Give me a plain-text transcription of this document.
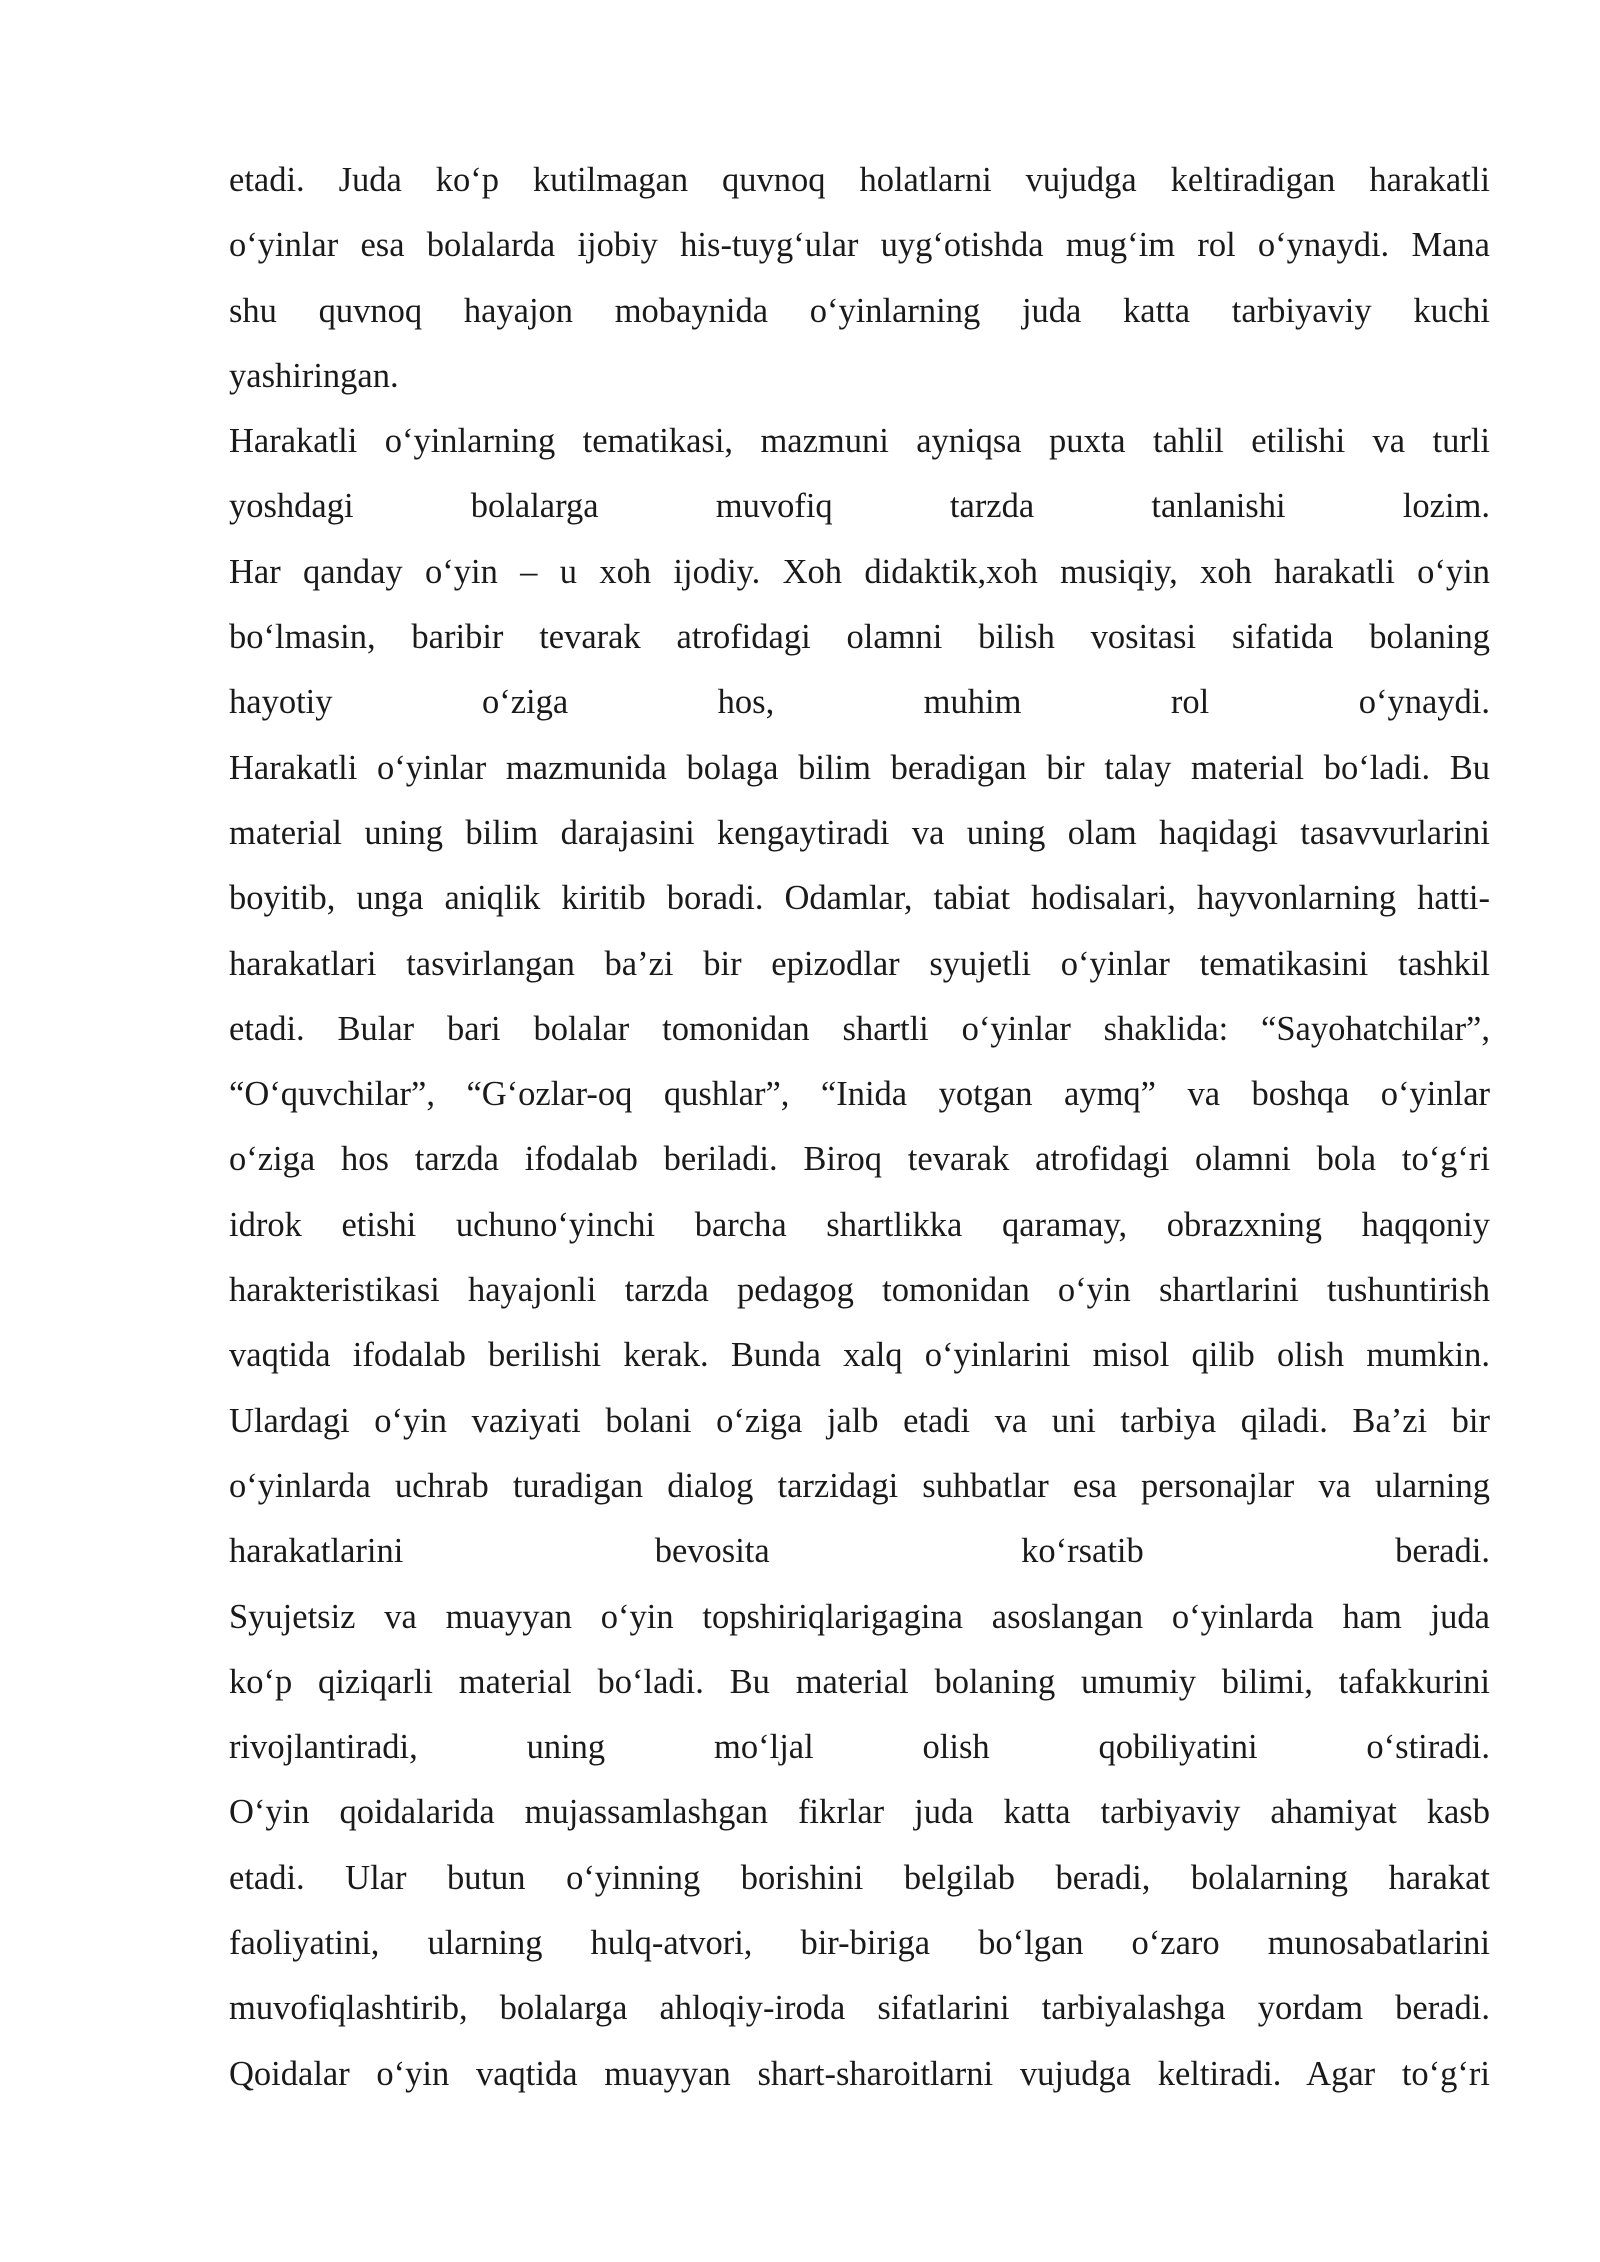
etadi. Juda ko‘p kutilmagan quvnoq holatlarni vujudga keltiradigan harakatli
o‘yinlar esa bolalarda ijobiy his-tuyg‘ular uyg‘otishda mug‘im rol o‘ynaydi. Mana
shu quvnoq hayajon mobaynida o‘yinlarning juda katta tarbiyaviy kuchi
yashiringan.
Harakatli o‘yinlarning tematikasi, mazmuni ayniqsa puxta tahlil etilishi va turli
yoshdagi bolalarga muvofiq tarzda tanlanishi lozim.
Har qanday o‘yin – u xoh ijodiy. Xoh didaktik,xoh musiqiy, xoh harakatli o‘yin
bo‘lmasin, baribir tevarak atrofidagi olamni bilish vositasi sifatida bolaning
hayotiy o‘ziga hos, muhim rol o‘ynaydi.
Harakatli o‘yinlar mazmunida bolaga bilim beradigan bir talay material bo‘ladi. Bu
material uning bilim darajasini kengaytiradi va uning olam haqidagi tasavvurlarini
boyitib, unga aniqlik kiritib boradi. Odamlar, tabiat hodisalari, hayvonlarning hatti-
harakatlari tasvirlangan ba’zi bir epizodlar syujetli o‘yinlar tematikasini tashkil
etadi. Bular bari bolalar tomonidan shartli o‘yinlar shaklida: “Sayohatchilar”,
“O‘quvchilar”, “G‘ozlar-oq qushlar”, “Inida yotgan aymq” va boshqa o‘yinlar
o‘ziga hos tarzda ifodalab beriladi. Biroq tevarak atrofidagi olamni bola to‘g‘ri
idrok etishi uchuno‘yinchi barcha shartlikka qaramay, obrazxning haqqoniy
harakteristikasi hayajonli tarzda pedagog tomonidan o‘yin shartlarini tushuntirish
vaqtida ifodalab berilishi kerak. Bunda xalq o‘yinlarini misol qilib olish mumkin.
Ulardagi o‘yin vaziyati bolani o‘ziga jalb etadi va uni tarbiya qiladi. Ba’zi bir
o‘yinlarda uchrab turadigan dialog tarzidagi suhbatlar esa personajlar va ularning
harakatlarini bevosita ko‘rsatib beradi.
Syujetsiz va muayyan o‘yin topshiriqlarigagina asoslangan o‘yinlarda ham juda
ko‘p qiziqarli material bo‘ladi. Bu material bolaning umumiy bilimi, tafakkurini
rivojlantiradi, uning mo‘ljal olish qobiliyatini o‘stiradi.
O‘yin qoidalarida mujassamlashgan fikrlar juda katta tarbiyaviy ahamiyat kasb
etadi. Ular butun o‘yinning borishini belgilab beradi, bolalarning harakat
faoliyatini, ularning hulq-atvori, bir-biriga bo‘lgan o‘zaro munosabatlarini
muvofiqlashtirib, bolalarga ahloqiy-iroda sifatlarini tarbiyalashga yordam beradi.
Qoidalar o‘yin vaqtida muayyan shart-sharoitlarni vujudga keltiradi. Agar to‘g‘ri
